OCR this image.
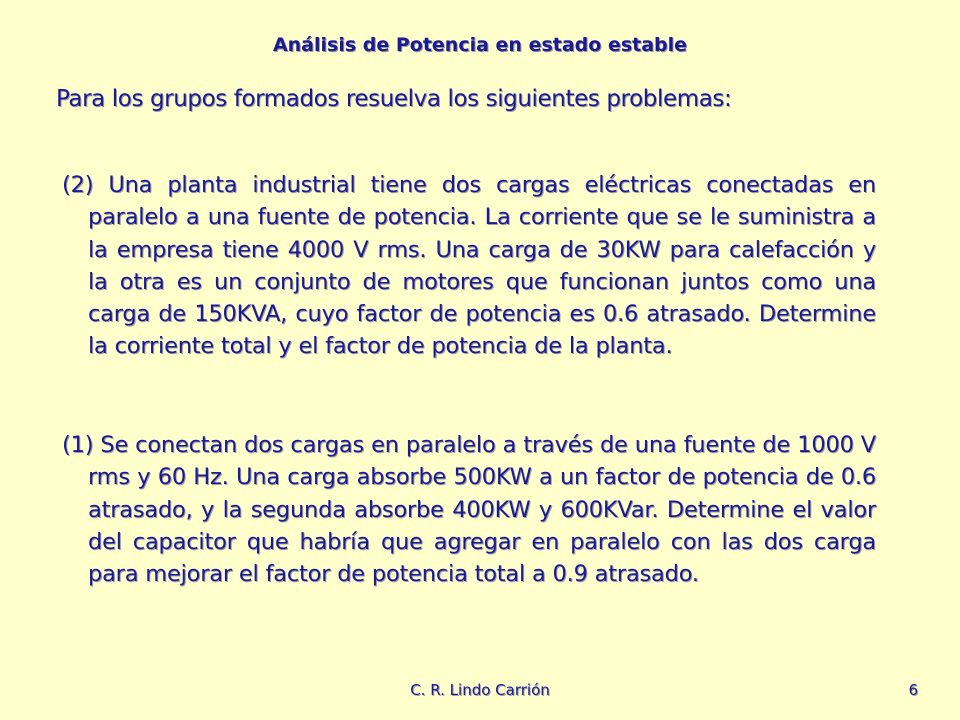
Análisis de Potencia en estado estable
Para los grupos formados resuelva los siguientes problemas:
(2) Una planta industrial tiene dos cargas eléctricas conectadas en paralelo a una fuente de potencia. La corriente que se le suministra a la empresa tiene 4000 V rms. Una carga de 30KW para calefacción y la otra es un conjunto de motores que funcionan juntos como una carga de 150KVA, cuyo factor de potencia es 0.6 atrasado. Determine la corriente total y el factor de potencia de la planta.
(1) Se conectan dos cargas en paralelo a través de una fuente de 1000 V rms y 60 Hz. Una carga absorbe 500KW a un factor de potencia de 0.6 atrasado, y la segunda absorbe 400KW y 600KVar. Determine el valor del capacitor que habría que agregar en paralelo con las dos carga para mejorar el factor de potencia total a 0.9 atrasado.
C. R. Lindo Carrión	6
